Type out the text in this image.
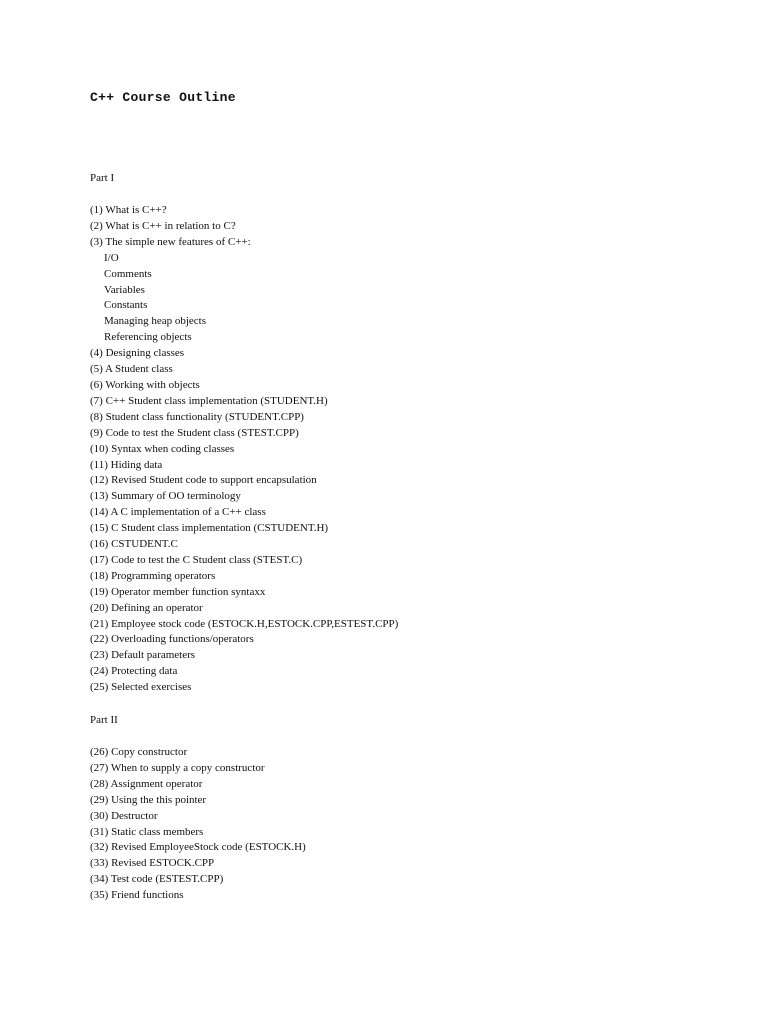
C++ Course Outline

Part I

(1) What is C++?
(2) What is C++ in relation to C?
(3) The simple new features of C++:
I/O
Comments
Variables
Constants
Managing heap objects
Referencing objects
(4) Designing classes
(5) A Student class
(6) Working with objects
(7) C++ Student class implementation (STUDENT.H)
(8) Student class functionality (STUDENT.CPP)
(9) Code to test the Student class (STEST.CPP)
(10) Syntax when coding classes
(11) Hiding data
(12) Revised Student code to support encapsulation
(13) Summary of OO terminology
(14) A C implementation of a C++ class
(15) C Student class implementation (CSTUDENT.H)
(16) CSTUDENT.C
(17) Code to test the C Student class (STEST.C)
(18) Programming operators
(19) Operator member function syntaxx
(20) Defining an operator
(21) Employee stock code (ESTOCK.H,ESTOCK.CPP,ESTEST.CPP)
(22) Overloading functions/operators
(23) Default parameters
(24) Protecting data
(25) Selected exercises

Part II

(26) Copy constructor
(27) When to supply a copy constructor
(28) Assignment operator
(29) Using the this pointer
(30) Destructor
(31) Static class members
(32) Revised EmployeeStock code (ESTOCK.H)
(33) Revised ESTOCK.CPP
(34) Test code (ESTEST.CPP)
(35) Friend functions
